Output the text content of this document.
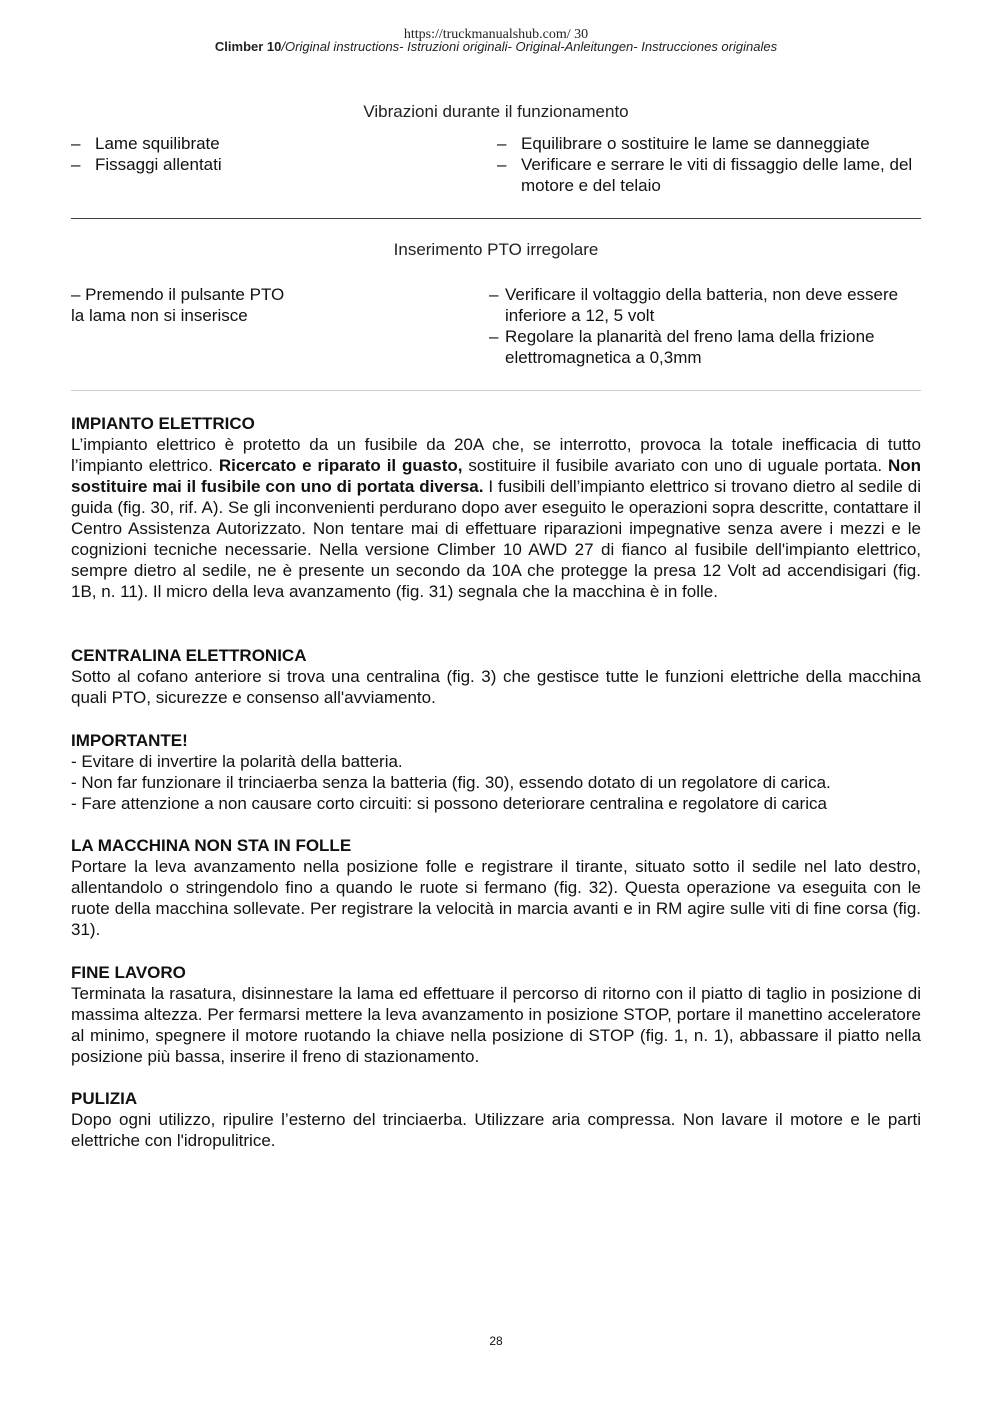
https://truckmanualshub.com/ 30
Climber 10/Original instructions- Istruzioni originali- Original-Anleitungen- Instrucciones originales
Vibrazioni durante il funzionamento
– Lame squilibrate
– Fissaggi allentati
– Equilibrare o sostituire le lame se danneggiate
– Verificare e serrare le viti di fissaggio delle lame, del motore e del telaio
Inserimento PTO irregolare
– Premendo il pulsante PTO
la lama non si inserisce
– Verificare il voltaggio della batteria, non deve essere inferiore a 12, 5 volt
– Regolare la planarità del freno lama della frizione elettromagnetica a 0,3mm
IMPIANTO ELETTRICO

L’impianto elettrico è protetto da un fusibile da 20A che, se interrotto, provoca la totale inefficacia di tutto l’impianto elettrico. Ricercato e riparato il guasto, sostituire il fusibile avariato con uno di uguale portata. Non sostituire mai il fusibile con uno di portata diversa. I fusibili dell’impianto elettrico si trovano dietro al sedile di guida (fig. 30, rif. A). Se gli inconvenienti perdurano dopo aver eseguito le operazioni sopra descritte, contattare il Centro Assistenza Autorizzato. Non tentare mai di effettuare riparazioni impegnative senza avere i mezzi e le cognizioni tecniche necessarie. Nella versione Climber 10 AWD 27 di fianco al fusibile dell'impianto elettrico, sempre dietro al sedile, ne è presente un secondo da 10A che protegge la presa 12 Volt ad accendisigari (fig. 1B, n. 11). Il micro della leva avanzamento (fig. 31) segnala che la macchina è in folle.

CENTRALINA ELETTRONICA

Sotto al cofano anteriore si trova una centralina (fig. 3) che gestisce tutte le funzioni elettriche della macchina quali PTO, sicurezze e consenso all'avviamento.

IMPORTANTE!
- Evitare di invertire la polarità della batteria.
- Non far funzionare il trinciaerba senza la batteria (fig. 30), essendo dotato di un regolatore di carica.
- Fare attenzione a non causare corto circuiti: si possono deteriorare centralina e regolatore di carica
LA MACCHINA NON STA IN FOLLE

Portare la leva avanzamento nella posizione folle e registrare il tirante, situato sotto il sedile nel lato destro, allentandolo o stringendolo fino a quando le ruote si fermano (fig. 32). Questa operazione va eseguita con le ruote della macchina sollevate. Per registrare la velocità in marcia avanti e in RM agire sulle viti di fine corsa (fig. 31).

FINE LAVORO

Terminata la rasatura, disinnestare la lama ed effettuare il percorso di ritorno con il piatto di taglio in posizione di massima altezza. Per fermarsi mettere la leva avanzamento in posizione STOP, portare il manettino acceleratore al minimo, spegnere il motore ruotando la chiave nella posizione di STOP (fig. 1, n. 1), abbassare il piatto nella posizione più bassa, inserire il freno di stazionamento.

PULIZIA

Dopo ogni utilizzo, ripulire l’esterno del trinciaerba. Utilizzare aria compressa. Non lavare il motore e le parti elettriche con l'idropulitrice.

28
